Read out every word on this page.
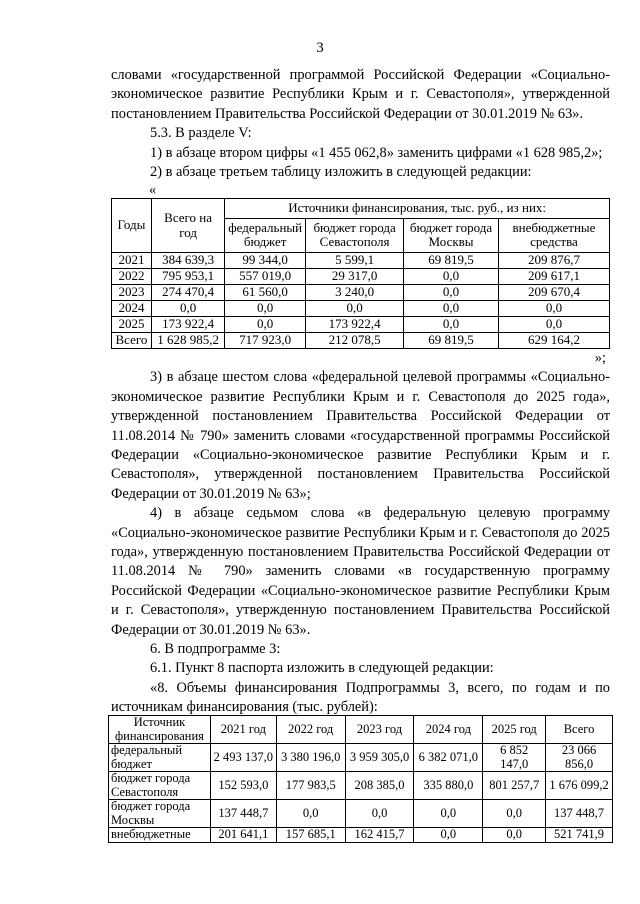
3

словами «государственной программой Российской Федерации «Социально-экономическое развитие Республики Крым и г. Севастополя», утвержденной постановлением Правительства Российской Федерации от 30.01.2019 № 63».

5.3. В разделе V:

1) в абзаце втором цифры «1 455 062,8» заменить цифрами «1 628 985,2»;

2) в абзаце третьем таблицу изложить в следующей редакции:

«
Годы	Всего на год	Источники финансирования, тыс. руб., из них:			
		федеральный бюджет	бюджет города Севастополя	бюджет города Москвы	внебюджетные средства
2021	384 639,3	99 344,0	5 599,1	69 819,5	209 876,7
2022	795 953,1	557 019,0	29 317,0	0,0	209 617,1
2023	274 470,4	61 560,0	3 240,0	0,0	209 670,4
2024	0,0	0,0	0,0	0,0	0,0
2025	173 922,4	0,0	173 922,4	0,0	0,0
Всего	1 628 985,2	717 923,0	212 078,5	69 819,5	629 164,2
»;

3) в абзаце шестом слова «федеральной целевой программы «Социально-экономическое развитие Республики Крым и г. Севастополя до 2025 года», утвержденной постановлением Правительства Российской Федерации от 11.08.2014 № 790» заменить словами «государственной программы Российской Федерации «Социально-экономическое развитие Республики Крым и г. Севастополя», утвержденной постановлением Правительства Российской Федерации от 30.01.2019 № 63»;

4) в абзаце седьмом слова «в федеральную целевую программу «Социально-экономическое развитие Республики Крым и г. Севастополя до 2025 года», утвержденную постановлением Правительства Российской Федерации от 11.08.2014 № 790» заменить словами «в государственную программу Российской Федерации «Социально-экономическое развитие Республики Крым и г. Севастополя», утвержденную постановлением Правительства Российской Федерации от 30.01.2019 № 63».

6. В подпрограмме 3:

6.1. Пункт 8 паспорта изложить в следующей редакции:

«8. Объемы финансирования Подпрограммы 3, всего, по годам и по источникам финансирования (тыс. рублей):

Источник финансирования	2021 год	2022 год	2023 год	2024 год	2025 год	Всего
федеральный бюджет	2 493 137,0	3 380 196,0	3 959 305,0	6 382 071,0	6 852 147,0	23 066 856,0
бюджет города Севастополя	152 593,0	177 983,5	208 385,0	335 880,0	801 257,7	1 676 099,2
бюджет города Москвы	137 448,7	0,0	0,0	0,0	0,0	137 448,7
внебюджетные	201 641,1	157 685,1	162 415,7	0,0	0,0	521 741,9
